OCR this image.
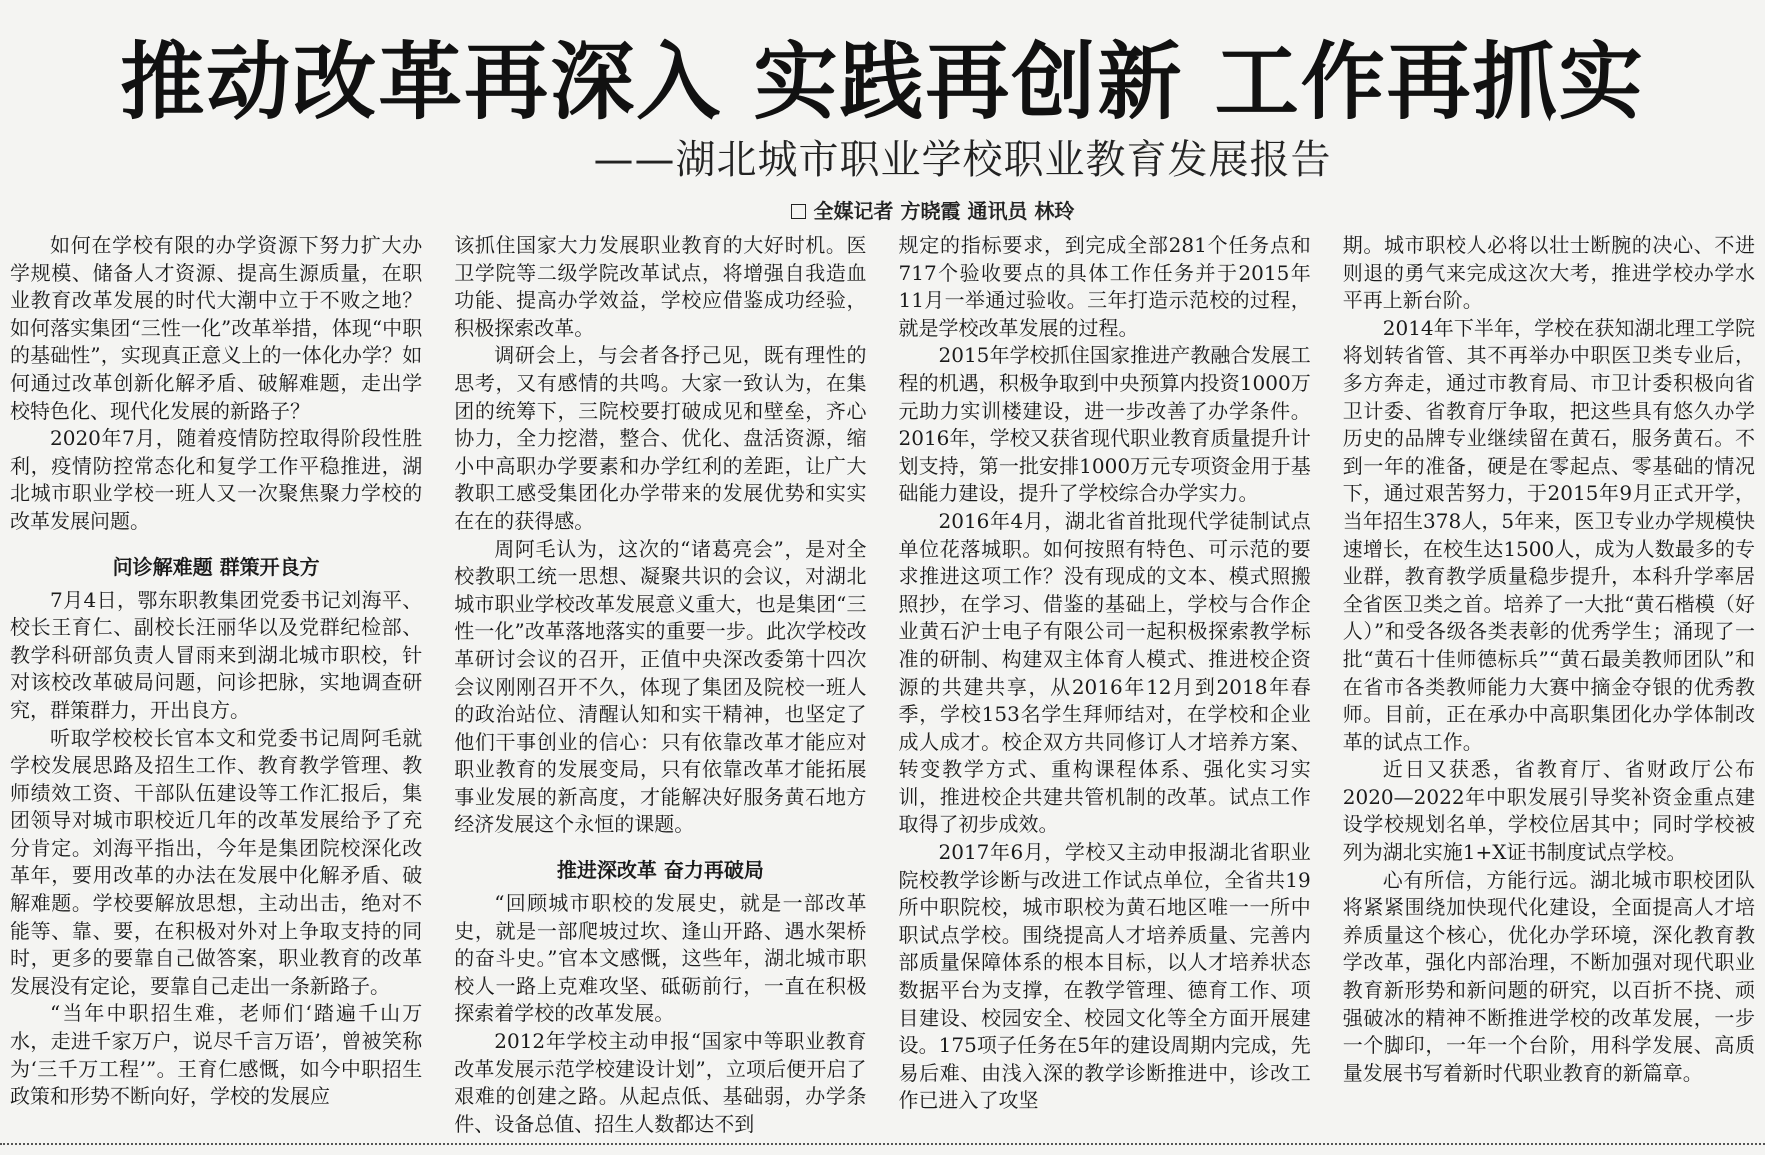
推动改革再深入 实践再创新 工作再抓实
——湖北城市职业学校职业教育发展报告
全媒记者 方晓霞 通讯员 林玲

如何在学校有限的办学资源下努力扩大办学规模、储备人才资源、提高生源质量，在职业教育改革发展的时代大潮中立于不败之地？如何落实集团“三性一化”改革举措，体现“中职的基础性”，实现真正意义上的一体化办学？如何通过改革创新化解矛盾、破解难题，走出学校特色化、现代化发展的新路子？

2020年7月，随着疫情防控取得阶段性胜利，疫情防控常态化和复学工作平稳推进，湖北城市职业学校一班人又一次聚焦聚力学校的改革发展问题。

问诊解难题 群策开良方

7月4日，鄂东职教集团党委书记刘海平、校长王育仁、副校长汪丽华以及党群纪检部、教学科研部负责人冒雨来到湖北城市职校，针对该校改革破局问题，问诊把脉，实地调查研究，群策群力，开出良方。

听取学校校长官本文和党委书记周阿毛就学校发展思路及招生工作、教育教学管理、教师绩效工资、干部队伍建设等工作汇报后，集团领导对城市职校近几年的改革发展给予了充分肯定。刘海平指出，今年是集团院校深化改革年，要用改革的办法在发展中化解矛盾、破解难题。学校要解放思想，主动出击，绝对不能等、靠、要，在积极对外对上争取支持的同时，更多的要靠自己做答案，职业教育的改革发展没有定论，要靠自己走出一条新路子。

“当年中职招生难，老师们‘踏遍千山万水，走进千家万户，说尽千言万语’，曾被笑称为‘三千万工程’”。王育仁感慨，如今中职招生政策和形势不断向好，学校的发展应

该抓住国家大力发展职业教育的大好时机。医卫学院等二级学院改革试点，将增强自我造血功能、提高办学效益，学校应借鉴成功经验，积极探索改革。

调研会上，与会者各抒己见，既有理性的思考，又有感情的共鸣。大家一致认为，在集团的统筹下，三院校要打破成见和壁垒，齐心协力，全力挖潜，整合、优化、盘活资源，缩小中高职办学要素和办学红利的差距，让广大教职工感受集团化办学带来的发展优势和实实在在的获得感。

周阿毛认为，这次的“诸葛亮会”，是对全校教职工统一思想、凝聚共识的会议，对湖北城市职业学校改革发展意义重大，也是集团“三性一化”改革落地落实的重要一步。此次学校改革研讨会议的召开，正值中央深改委第十四次会议刚刚召开不久，体现了集团及院校一班人的政治站位、清醒认知和实干精神，也坚定了他们干事创业的信心：只有依靠改革才能应对职业教育的发展变局，只有依靠改革才能拓展事业发展的新高度，才能解决好服务黄石地方经济发展这个永恒的课题。

推进深改革 奋力再破局

“回顾城市职校的发展史，就是一部改革史，就是一部爬坡过坎、逢山开路、遇水架桥的奋斗史。”官本文感慨，这些年，湖北城市职校人一路上克难攻坚、砥砺前行，一直在积极探索着学校的改革发展。

2012年学校主动申报“国家中等职业教育改革发展示范学校建设计划”，立项后便开启了艰难的创建之路。从起点低、基础弱，办学条件、设备总值、招生人数都达不到

规定的指标要求，到完成全部281个任务点和717个验收要点的具体工作任务并于2015年11月一举通过验收。三年打造示范校的过程，就是学校改革发展的过程。

2015年学校抓住国家推进产教融合发展工程的机遇，积极争取到中央预算内投资1000万元助力实训楼建设，进一步改善了办学条件。2016年，学校又获省现代职业教育质量提升计划支持，第一批安排1000万元专项资金用于基础能力建设，提升了学校综合办学实力。

2016年4月，湖北省首批现代学徒制试点单位花落城职。如何按照有特色、可示范的要求推进这项工作？没有现成的文本、模式照搬照抄，在学习、借鉴的基础上，学校与合作企业黄石沪士电子有限公司一起积极探索教学标准的研制、构建双主体育人模式、推进校企资源的共建共享，从2016年12月到2018年春季，学校153名学生拜师结对，在学校和企业成人成才。校企双方共同修订人才培养方案、转变教学方式、重构课程体系、强化实习实训，推进校企共建共管机制的改革。试点工作取得了初步成效。

2017年6月，学校又主动申报湖北省职业院校教学诊断与改进工作试点单位，全省共19所中职院校，城市职校为黄石地区唯一一所中职试点学校。围绕提高人才培养质量、完善内部质量保障体系的根本目标，以人才培养状态数据平台为支撑，在教学管理、德育工作、项目建设、校园安全、校园文化等全方面开展建设。175项子任务在5年的建设周期内完成，先易后难、由浅入深的教学诊断推进中，诊改工作已进入了攻坚

期。城市职校人必将以壮士断腕的决心、不进则退的勇气来完成这次大考，推进学校办学水平再上新台阶。

2014年下半年，学校在获知湖北理工学院将划转省管、其不再举办中职医卫类专业后，多方奔走，通过市教育局、市卫计委积极向省卫计委、省教育厅争取，把这些具有悠久办学历史的品牌专业继续留在黄石，服务黄石。不到一年的准备，硬是在零起点、零基础的情况下，通过艰苦努力，于2015年9月正式开学，当年招生378人，5年来，医卫专业办学规模快速增长，在校生达1500人，成为人数最多的专业群，教育教学质量稳步提升，本科升学率居全省医卫类之首。培养了一大批“黄石楷模（好人）”和受各级各类表彰的优秀学生；涌现了一批“黄石十佳师德标兵”“黄石最美教师团队”和在省市各类教师能力大赛中摘金夺银的优秀教师。目前，正在承办中高职集团化办学体制改革的试点工作。

近日又获悉，省教育厅、省财政厅公布2020—2022年中职发展引导奖补资金重点建设学校规划名单，学校位居其中；同时学校被列为湖北实施1+X证书制度试点学校。

心有所信，方能行远。湖北城市职校团队将紧紧围绕加快现代化建设，全面提高人才培养质量这个核心，优化办学环境，深化教育教学改革，强化内部治理，不断加强对现代职业教育新形势和新问题的研究，以百折不挠、顽强破冰的精神不断推进学校的改革发展，一步一个脚印，一年一个台阶，用科学发展、高质量发展书写着新时代职业教育的新篇章。
